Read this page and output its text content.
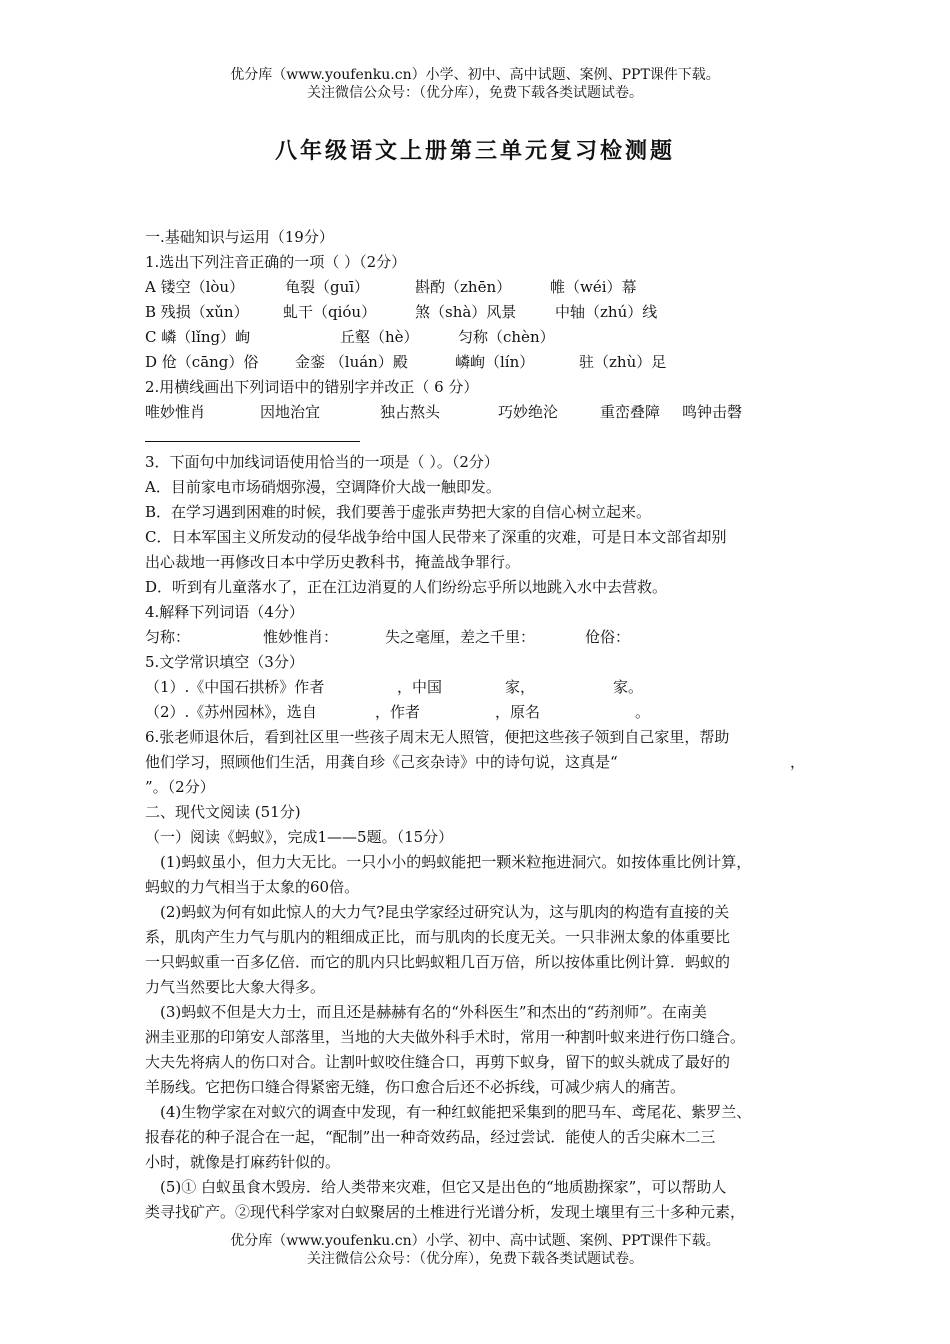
优分库（www.youfenku.cn）小学、初中、高中试题、案例、PPT课件下载。
关注微信公众号：（优分库），免费下载各类试题试卷。
八年级语文上册第三单元复习检测题
一.基础知识与运用（19分）
1.选出下列注音正确的一项（ ）（2分）
A 镂空（lòu）	龟裂（guī）	斟酌（zhēn）	帷（wéi）幕
B 残损（xǔn） 虬干（qióu）	煞（shà）风景	中轴（zhú）线
C 嶙（lǐng）峋	丘壑（hè）	匀称（chèn）
D 伧（cāng）俗 金銮 （luán）殿	嶙峋（lín）	驻（zhù）足
2.用横线画出下列词语中的错别字并改正（ 6 分）
唯妙惟肖	因地治宜	独占熬头	巧妙绝沦	重峦叠障 鸣钟击磬
3．下面句中加线词语使用恰当的一项是（ ）。（2分）
A．目前家电市场硝烟弥漫，空调降价大战一触即发。
B．在学习遇到困难的时候，我们要善于虚张声势把大家的自信心树立起来。
C．日本军国主义所发动的侵华战争给中国人民带来了深重的灾难，可是日本文部省却别
出心裁地一再修改日本中学历史教科书，掩盖战争罪行。
D．听到有儿童落水了，正在江边消夏的人们纷纷忘乎所以地跳入水中去营救。
4.解释下列词语（4分）
匀称：	惟妙惟肖：	失之毫厘，差之千里：	伧俗：
5.文学常识填空（3分）
（1）.《中国石拱桥》作者	，中国	家，	家。
（2）.《苏州园林》，选自	，作者	，原名	。
6.张老师退休后，看到社区里一些孩子周末无人照管，便把这些孩子领到自己家里，帮助
他们学习，照顾他们生活，用龚自珍《己亥杂诗》中的诗句说，这真是“	，
”。（2分）
二、现代文阅读 (51分)
（一）阅读《蚂蚁》，完成1——5题。（15分）
(1)蚂蚁虽小，但力大无比。一只小小的蚂蚁能把一颗米粒拖进洞穴。如按体重比例计算，
蚂蚁的力气相当于太象的60倍。
(2)蚂蚁为何有如此惊人的大力气?昆虫学家经过研究认为，这与肌肉的构造有直接的关
系，肌肉产生力气与肌内的粗细成正比，而与肌肉的长度无关。一只非洲太象的体重要比
一只蚂蚁重一百多亿倍．而它的肌内只比蚂蚁粗几百万倍，所以按体重比例计算．蚂蚁的
力气当然要比大象大得多。
(3)蚂蚁不但是大力士，而且还是赫赫有名的“外科医生”和杰出的“药剂师”。在南美
洲圭亚那的印第安人部落里，当地的大夫做外科手术时，常用一种割叶蚁来进行伤口缝合。
大夫先将病人的伤口对合。让割叶蚁咬住缝合口，再剪下蚁身，留下的蚁头就成了最好的
羊肠线。它把伤口缝合得紧密无缝，伤口愈合后还不必拆线，可减少病人的痛苦。
(4)生物学家在对蚁穴的调查中发现，有一种红蚁能把采集到的肥马车、鸢尾花、紫罗兰、
报春花的种子混合在一起，“配制”出一种奇效药品，经过尝试．能使人的舌尖麻木二三
小时，就像是打麻药针似的。
(5)① 白蚁虽食木毁房．给人类带来灾难，但它又是出色的“地质勘探家”，可以帮助人
类寻找矿产。②现代科学家对白蚁聚居的土椎进行光谱分析，发现土壤里有三十多种元素，
优分库（www.youfenku.cn）小学、初中、高中试题、案例、PPT课件下载。
关注微信公众号：（优分库），免费下载各类试题试卷。
